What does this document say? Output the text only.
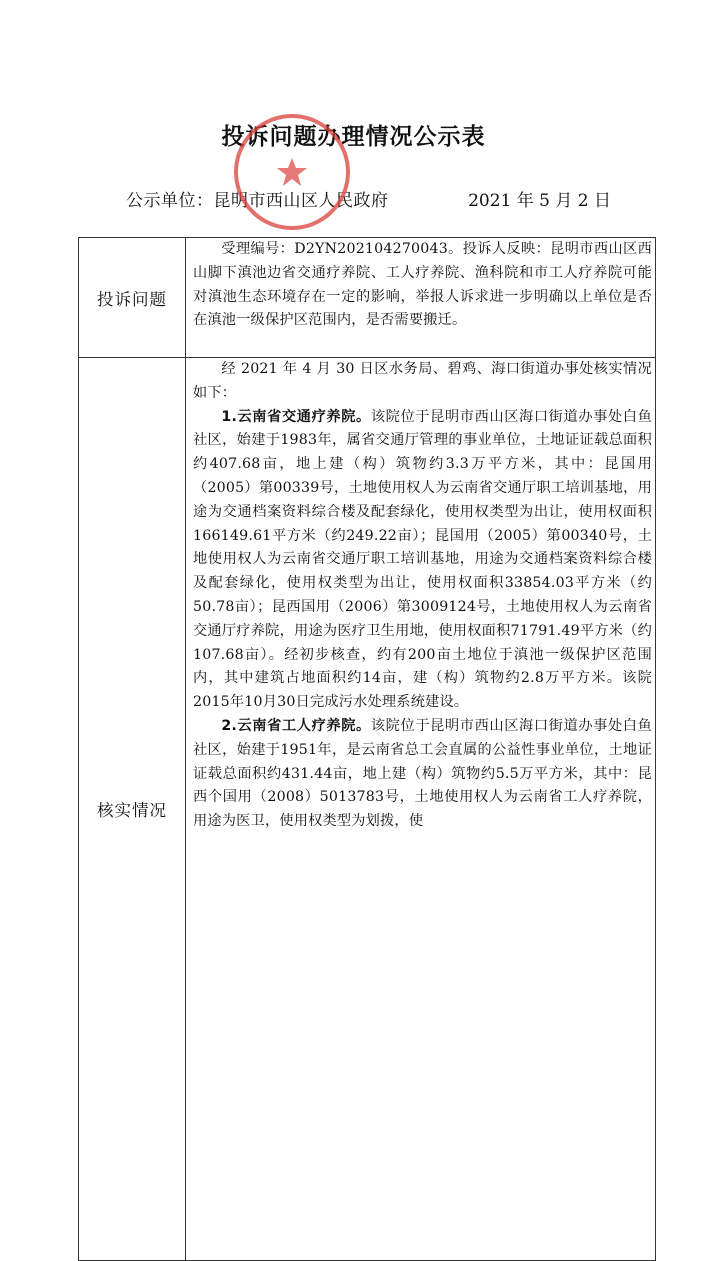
投诉问题办理情况公示表
公示单位：昆明市西山区人民政府	2021 年 5 月 2 日
投诉问题	受理编号：D2YN202104270043。投诉人反映：昆明市西山区西山脚下滇池边省交通疗养院、工人疗养院、渔科院和市工人疗养院可能对滇池生态环境存在一定的影响，举报人诉求进一步明确以上单位是否在滇池一级保护区范围内，是否需要搬迁。

核实情况	经 2021 年 4 月 30 日区水务局、碧鸡、海口街道办事处核实情况如下：

1.云南省交通疗养院。该院位于昆明市西山区海口街道办事处白鱼社区，始建于1983年，属省交通厅管理的事业单位，土地证证载总面积约407.68亩，地上建（构）筑物约3.3万平方米，其中：昆国用（2005）第00339号，土地使用权人为云南省交通厅职工培训基地，用途为交通档案资料综合楼及配套绿化，使用权类型为出让，使用权面积166149.61平方米（约249.22亩）；昆国用（2005）第00340号，土地使用权人为云南省交通厅职工培训基地，用途为交通档案资料综合楼及配套绿化，使用权类型为出让，使用权面积33854.03平方米（约50.78亩）；昆西国用（2006）第3009124号，土地使用权人为云南省交通厅疗养院，用途为医疗卫生用地，使用权面积71791.49平方米（约107.68亩）。经初步核查，约有200亩土地位于滇池一级保护区范围内，其中建筑占地面积约14亩，建（构）筑物约2.8万平方米。该院2015年10月30日完成污水处理系统建设。

2.云南省工人疗养院。该院位于昆明市西山区海口街道办事处白鱼社区，始建于1951年，是云南省总工会直属的公益性事业单位，土地证证载总面积约431.44亩，地上建（构）筑物约5.5万平方米，其中：昆西个国用（2008）5013783号，土地使用权人为云南省工人疗养院，用途为医卫，使用权类型为划拨，使
